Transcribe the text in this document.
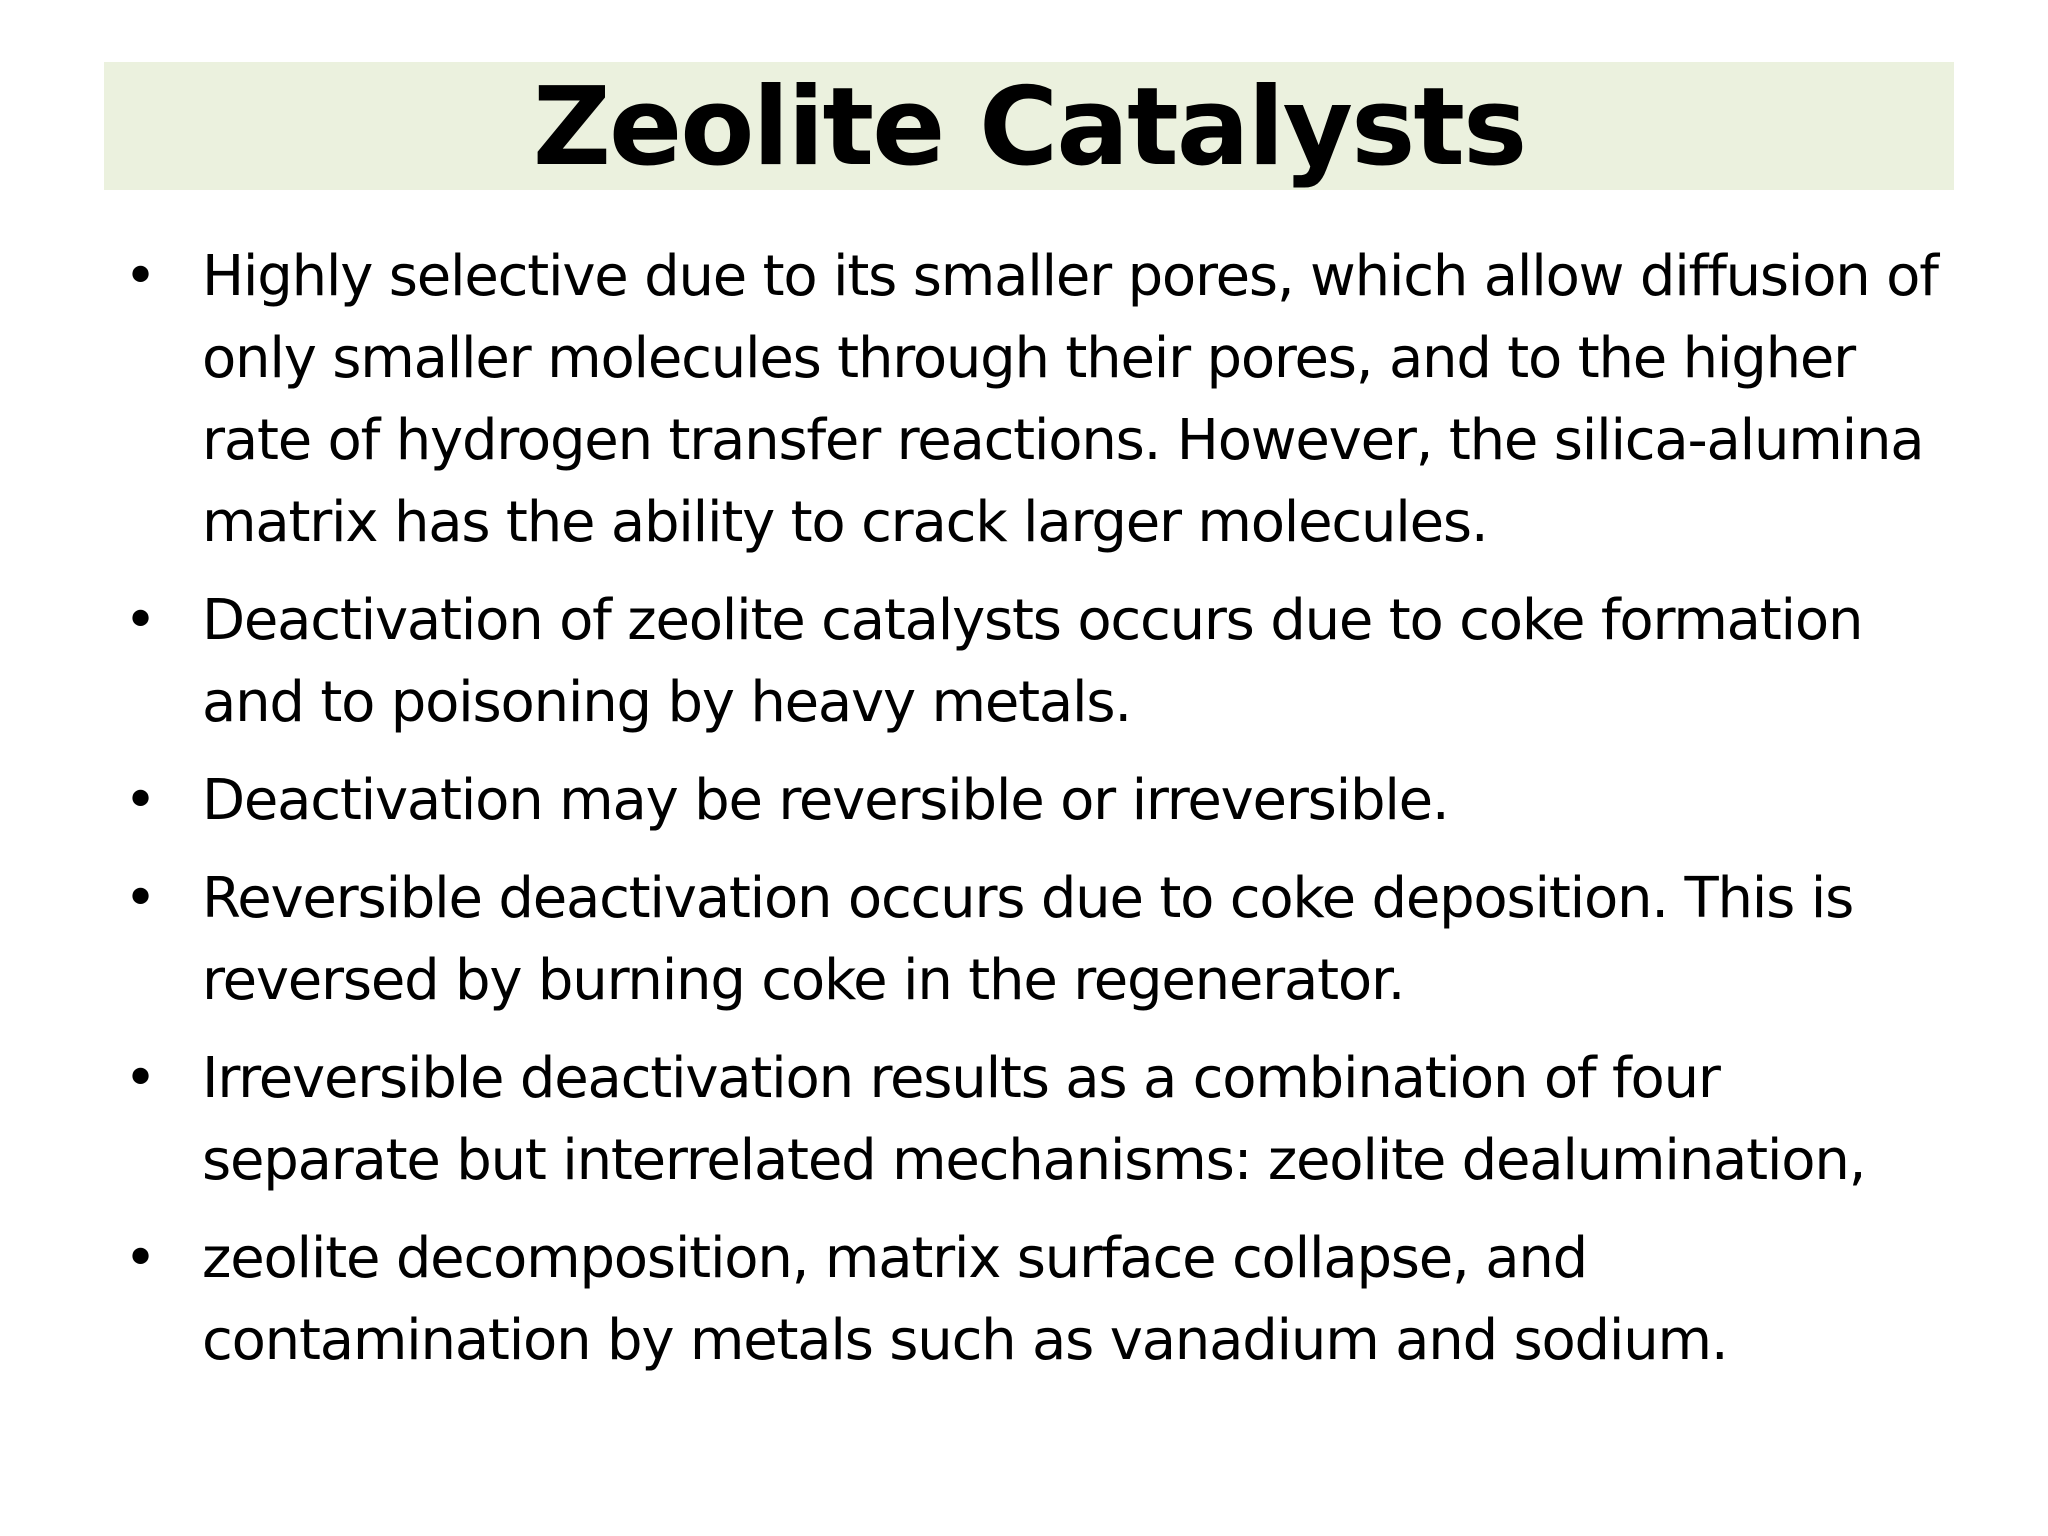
Zeolite Catalysts
• Highly selective due to its smaller pores, which allow diffusion of only smaller molecules through their pores, and to the higher rate of hydrogen transfer reactions. However, the silica-alumina matrix has the ability to crack larger molecules.
• Deactivation of zeolite catalysts occurs due to coke formation and to poisoning by heavy metals.
• Deactivation may be reversible or irreversible.
• Reversible deactivation occurs due to coke deposition. This is reversed by burning coke in the regenerator.
• Irreversible deactivation results as a combination of four separate but interrelated mechanisms: zeolite dealumination,
• zeolite decomposition, matrix surface collapse, and contamination by metals such as vanadium and sodium.
